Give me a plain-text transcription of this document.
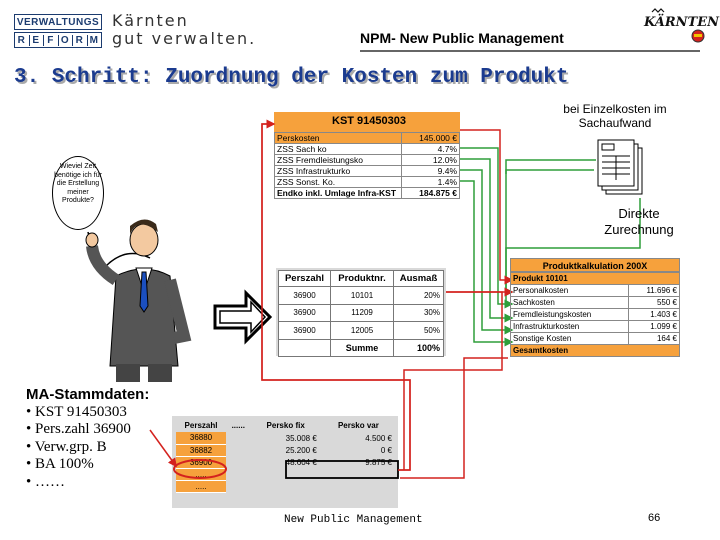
VERWALTUNGS
R E F O R M
Kärnten
gut verwalten.	NPM- New Public Management
KÄRNTEN
3. Schritt: Zuordnung der Kosten zum Produkt
KST 91450303
Perskosten	145.000 €
ZSS Sach ko	4.7%
ZSS Fremdleistungsko	12.0%
ZSS Infrastrukturko	9.4%
ZSS Sonst. Ko.	1.4%
Endko inkl. Umlage Infra-KST	184.875 €
bei Einzelkosten im Sachaufwand
Wieviel Zeit benötige ich für die Erstellung meiner Produkte?
Direkte Zurechnung
Perszahl	Produktnr.	Ausmaß
36900	10101	20%
36900	11209	30%
36900	12005	50%
	Summe	100%
Produktkalkulation 200X
Produkt 10101	
Personalkosten	11.696 €
Sachkosten	550 €
Fremdleistungskosten	1.403 €
Infrastrukturkosten	1.099 €
Sonstige Kosten	164 €
Gesamtkosten	
MA-Stammdaten:
• KST 91450303
• Pers.zahl 36900
• Verw.grp. B
• BA 100%
• ……
Perszahl	......	Persko fix	Persko var
36880		35.008 €	4.500 €
36882		25.200 €	0 €
36900		48.604 €	9.875 €
.....			
.....			
New Public Management	66
